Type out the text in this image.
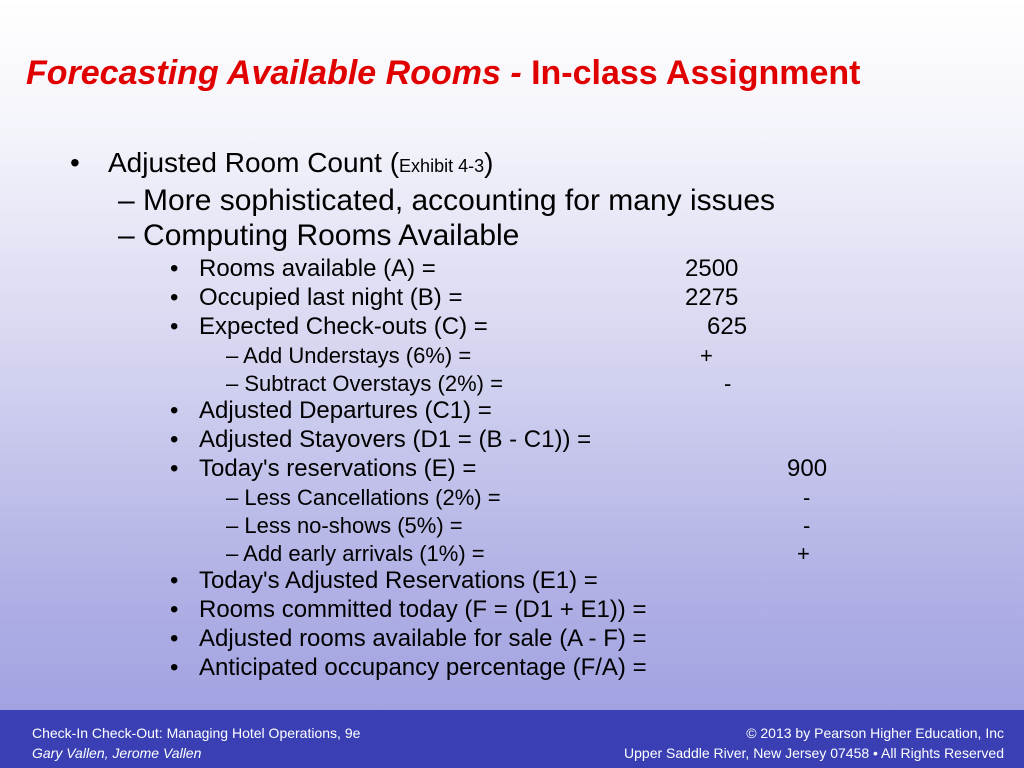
Forecasting Available Rooms - In-class Assignment
• Adjusted Room Count (Exhibit 4-3)
– More sophisticated, accounting for many issues
– Computing Rooms Available
• Rooms available (A) =	2500
• Occupied last night (B) =	2275
• Expected Check-outs (C) =	625
– Add Understays (6%) =	+
– Subtract Overstays (2%) =	-
• Adjusted Departures (C1) =
• Adjusted Stayovers (D1 = (B - C1)) =
• Today's reservations (E) =	900
– Less Cancellations (2%) =	-
– Less no-shows (5%) =	-
– Add early arrivals (1%) =	+
• Today's Adjusted Reservations (E1) =
• Rooms committed today (F = (D1 + E1)) =
• Adjusted rooms available for sale (A - F) =
• Anticipated occupancy percentage (F/A) =
Check-In Check-Out: Managing Hotel Operations, 9e
Gary Vallen, Jerome Vallen
© 2013 by Pearson Higher Education, Inc
Upper Saddle River, New Jersey 07458 • All Rights Reserved
